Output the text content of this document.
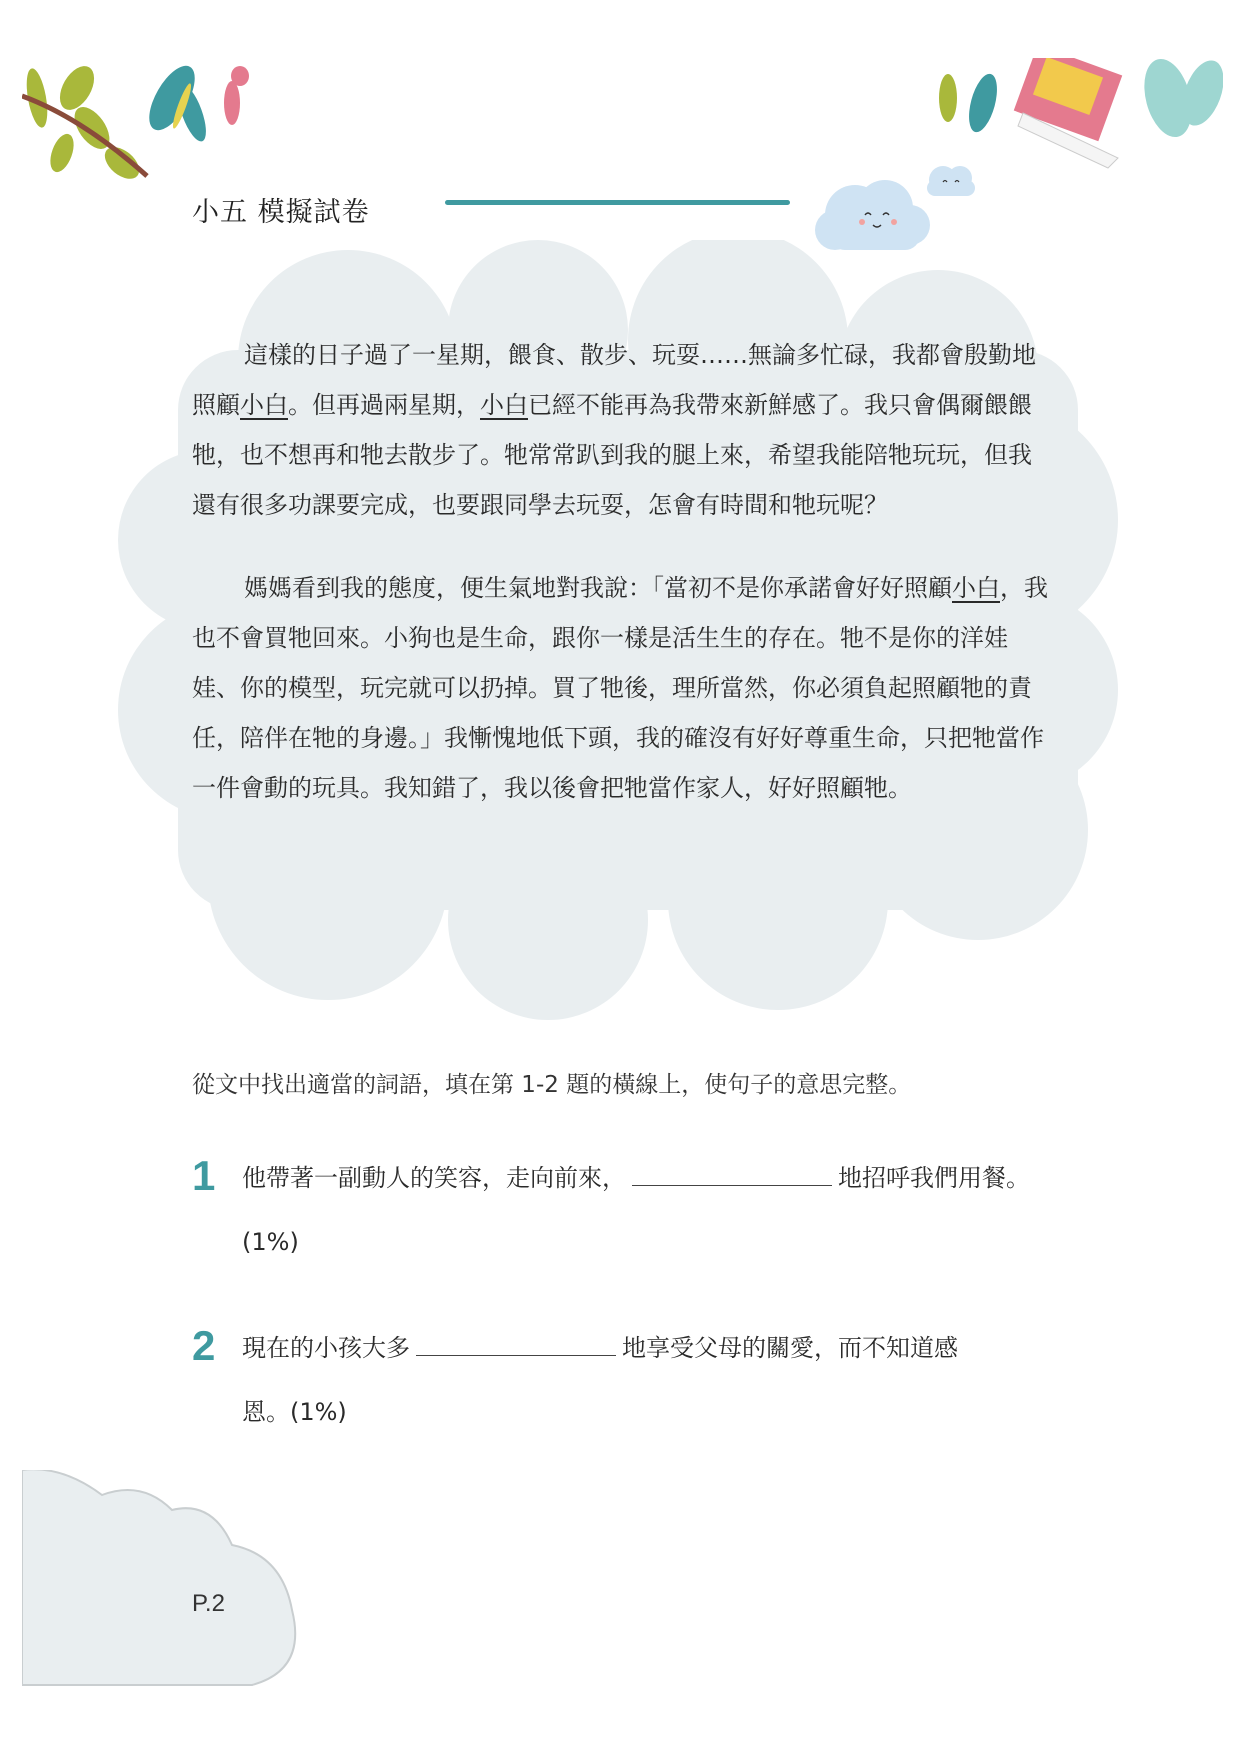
小五 模擬試卷

這樣的日子過了一星期，餵食、散步、玩耍……無論多忙碌，我都會殷勤地照顧小白。但再過兩星期，小白已經不能再為我帶來新鮮感了。我只會偶爾餵餵牠，也不想再和牠去散步了。牠常常趴到我的腿上來，希望我能陪牠玩玩，但我還有很多功課要完成，也要跟同學去玩耍，怎會有時間和牠玩呢？

媽媽看到我的態度，便生氣地對我說：「當初不是你承諾會好好照顧小白，我也不會買牠回來。小狗也是生命，跟你一樣是活生生的存在。牠不是你的洋娃娃、你的模型，玩完就可以扔掉。買了牠後，理所當然，你必須負起照顧牠的責任，陪伴在牠的身邊。」我慚愧地低下頭，我的確沒有好好尊重生命，只把牠當作一件會動的玩具。我知錯了，我以後會把牠當作家人，好好照顧牠。

從文中找出適當的詞語，填在第 1-2 題的橫線上，使句子的意思完整。
1 他帶著一副動人的笑容，走向前來，	地招呼我們用餐。
(1%)
2 現在的小孩大多	地享受父母的關愛，而不知道感
恩。(1%)
P.2
